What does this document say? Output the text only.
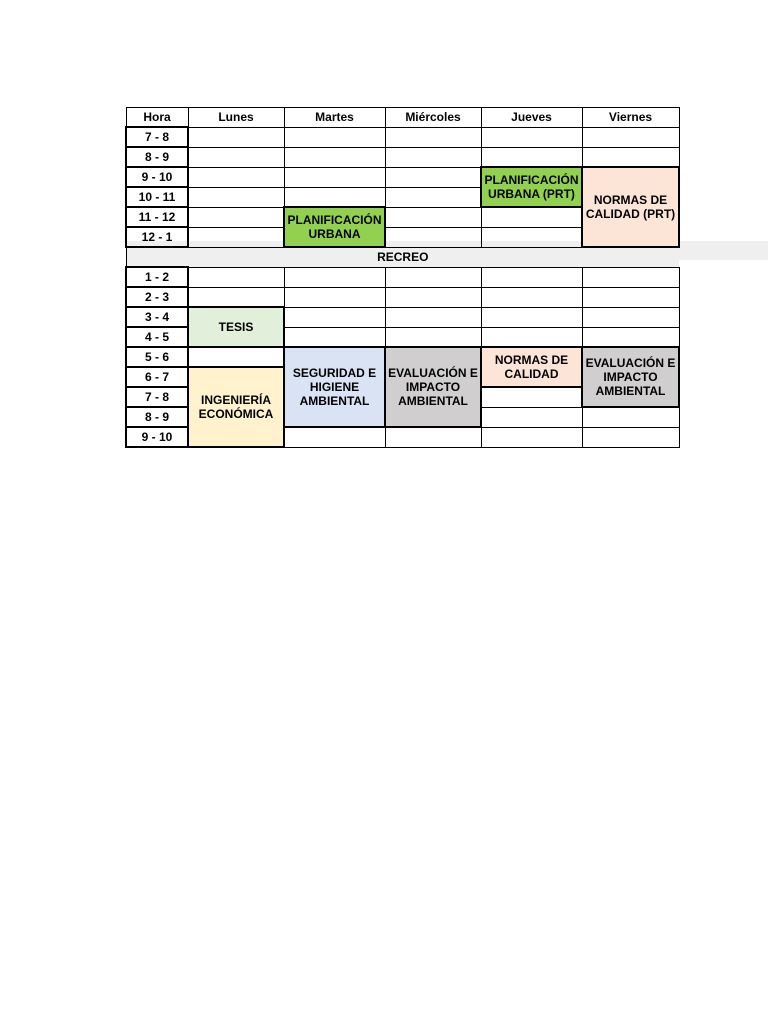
Hora	Lunes	Martes	Miércoles	Jueves	Viernes
7 - 8					
8 - 9					
9 - 10				PLANIFICACIÓN URBANA (PRT)	NORMAS DE CALIDAD (PRT)

10 - 11					
11 - 12		PLANIFICACIÓN URBANA			

12 - 1					
RECREO					
1 - 2					
2 - 3					
3 - 4	TESIS				

4 - 5					
5 - 6		SEGURIDAD E HIGIENE AMBIENTAL	EVALUACIÓN E IMPACTO AMBIENTAL	NORMAS DE CALIDAD	EVALUACIÓN E IMPACTO AMBIENTAL

6 - 7	INGENIERÍA ECONÓMICA				

7 - 8					
8 - 9					
9 - 10					
